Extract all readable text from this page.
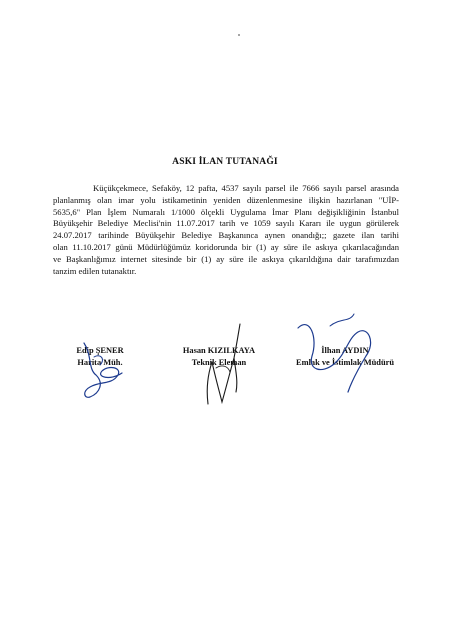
ASKI İLAN TUTANAĞI
Küçükçekmece, Sefaköy, 12 pafta, 4537 sayılı parsel ile 7666 sayılı parsel arasında
planlanmış olan imar yolu istikametinin yeniden düzenlenmesine ilişkin hazırlanan "UİP-
5635,6" Plan İşlem Numaralı 1/1000 ölçekli Uygulama İmar Planı değişikliğinin İstanbul
Büyükşehir Belediye Meclisi'nin 11.07.2017 tarih ve 1059 sayılı Kararı ile uygun görülerek
24.07.2017 tarihinde Büyükşehir Belediye Başkanınca aynen onandığı;; gazete ilan tarihi
olan 11.10.2017 günü Müdürlüğümüz koridorunda bir (1) ay süre ile askıya çıkarılacağından
ve Başkanlığımız internet sitesinde bir (1) ay süre ile askıya çıkarıldığına dair tarafımızdan
tanzim edilen tutanaktır.
Edip ŞENER
Harita Müh.
Hasan KIZILKAYA
Teknik Eleman
İlhan AYDIN
Emlak ve İstimlak Müdürü
